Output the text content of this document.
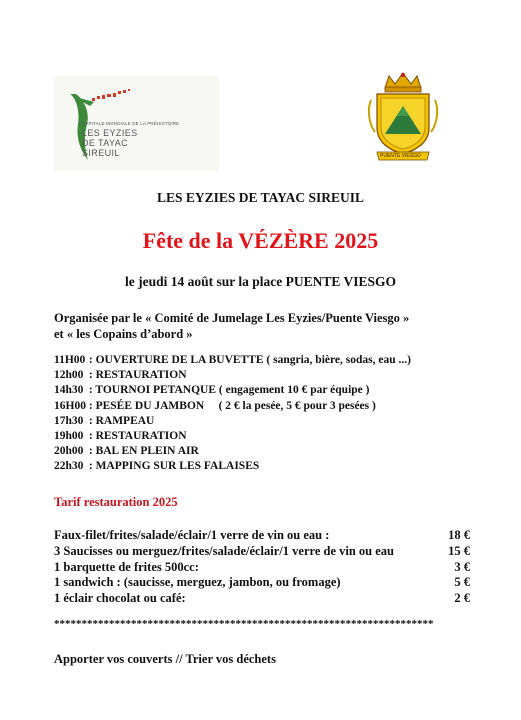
CAPITALE MONDIALE DE LA PRÉHISTOIRE
LES EYZIES
DE TAYAC
SIREUIL	PUENTE VIESGO
LES EYZIES DE TAYAC SIREUIL
Fête de la VÉZÈRE 2025
le jeudi 14 août sur la place PUENTE VIESGO
Organisée par le « Comité de Jumelage Les Eyzies/Puente Viesgo »
et « les Copains d’abord »
11H00 : OUVERTURE DE LA BUVETTE ( sangria, bière, sodas, eau ...)
12h00 : RESTAURATION
14h30 : TOURNOI PETANQUE ( engagement 10 € par équipe )
16H00 : PESÉE DU JAMBON     ( 2 € la pesée, 5 € pour 3 pesées )
17h30 : RAMPEAU
19h00 : RESTAURATION
20h00 : BAL EN PLEIN AIR
22h30 : MAPPING SUR LES FALAISES
Tarif restauration 2025
Faux-filet/frites/salade/éclair/1 verre de vin ou eau :	18 €
3 Saucisses ou merguez/frites/salade/éclair/1 verre de vin ou eau	15 €
1 barquette de frites 500cc:	3 €
1 sandwich : (saucisse, merguez, jambon, ou fromage)	5 €
1 éclair chocolat ou café:	2 €
*********************************************************************
Apporter vos couverts // Trier vos déchets
